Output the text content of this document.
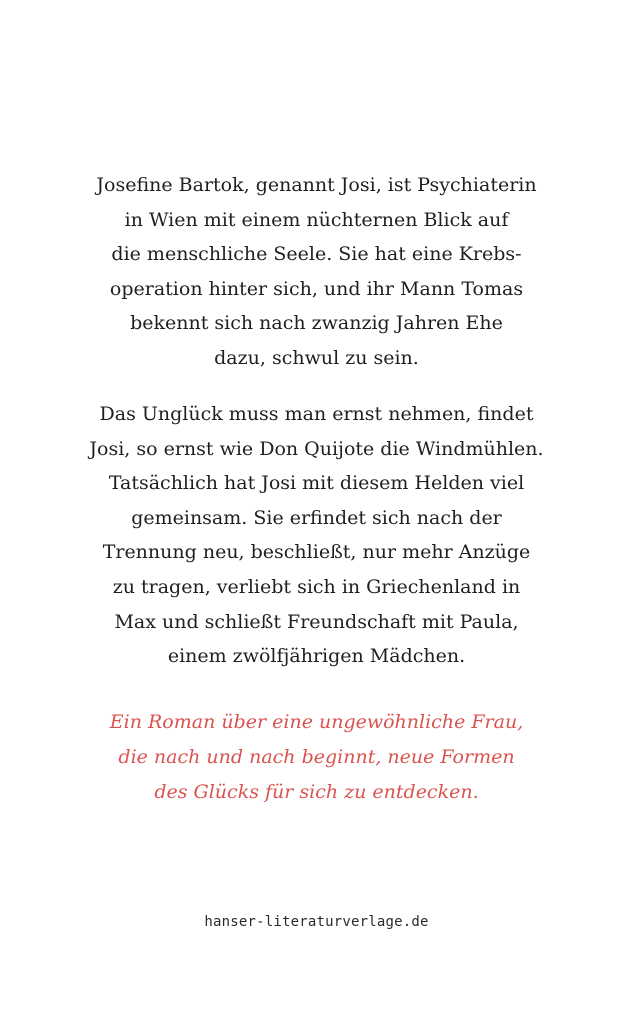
Josefine Bartok, genannt Josi, ist Psychiaterin
in Wien mit einem nüchternen Blick auf
die menschliche Seele. Sie hat eine Krebs-
operation hinter sich, und ihr Mann Tomas
bekennt sich nach zwanzig Jahren Ehe
dazu, schwul zu sein.
Das Unglück muss man ernst nehmen, findet
Josi, so ernst wie Don Quijote die Windmühlen.
Tatsächlich hat Josi mit diesem Helden viel
gemeinsam. Sie erfindet sich nach der
Trennung neu, beschließt, nur mehr Anzüge
zu tragen, verliebt sich in Griechenland in
Max und schließt Freundschaft mit Paula,
einem zwölfjährigen Mädchen.
Ein Roman über eine ungewöhnliche Frau,
die nach und nach beginnt, neue Formen
des Glücks für sich zu entdecken.
hanser-literaturverlage.de
